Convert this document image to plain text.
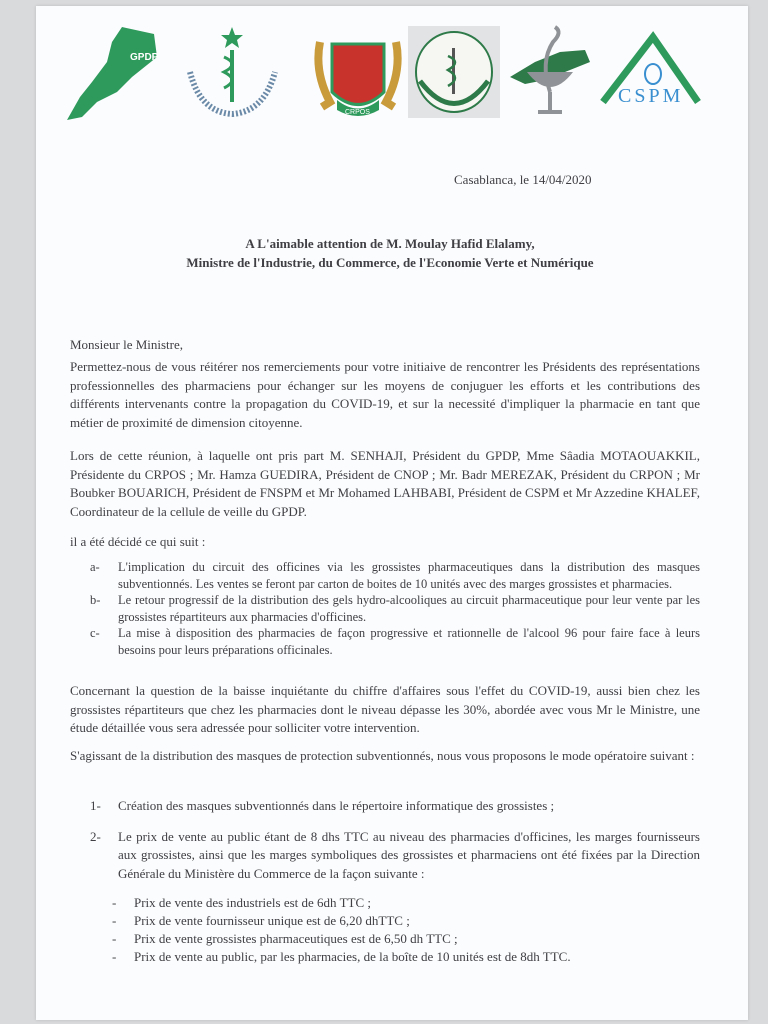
GPDP
CRPOS
CSPM
Casablanca, le 14/04/2020
A L'aimable attention de M. Moulay Hafid Elalamy,
Ministre de l'Industrie, du Commerce, de l'Economie Verte et Numérique
Monsieur le Ministre,
Permettez-nous de vous réitérer nos remerciements pour votre initiaive de rencontrer les Présidents des représentations professionnelles des pharmaciens pour échanger sur les moyens de conjuguer les efforts et les contributions des différents intervenants contre la propagation du COVID-19, et sur la necessité d'impliquer la pharmacie en tant que métier de proximité de dimension citoyenne.
Lors de cette réunion, à laquelle ont pris part M. SENHAJI, Président du GPDP, Mme Sâadia MOTAOUAKKIL, Présidente du CRPOS ; Mr. Hamza GUEDIRA, Président de CNOP ; Mr. Badr MEREZAK, Président du CRPON ; Mr Boubker BOUARICH, Président de FNSPM et Mr Mohamed LAHBABI, Président de CSPM et Mr Azzedine KHALEF, Coordinateur de la cellule de veille du GPDP.
il a été décidé ce qui suit :
a- L'implication du circuit des officines via les grossistes pharmaceutiques dans la distribution des masques subventionnés. Les ventes se feront par carton de boites de 10 unités avec des marges grossistes et pharmacies.
b- Le retour progressif de la distribution des gels hydro-alcooliques au circuit pharmaceutique pour leur vente par les grossistes répartiteurs aux pharmacies d'officines.
c- La mise à disposition des pharmacies de façon progressive et rationnelle de l'alcool 96 pour faire face à leurs besoins pour leurs préparations officinales.
Concernant la question de la baisse inquiétante du chiffre d'affaires sous l'effet du COVID-19, aussi bien chez les grossistes répartiteurs que chez les pharmacies dont le niveau dépasse les 30%, abordée avec vous Mr le Ministre, une étude détaillée vous sera adressée pour solliciter votre intervention.
S'agissant de la distribution des masques de protection subventionnés, nous vous proposons le mode opératoire suivant :
1- Création des masques subventionnés dans le répertoire informatique des grossistes ;
2- Le prix de vente au public étant de 8 dhs TTC au niveau des pharmacies d'officines, les marges fournisseurs aux grossistes, ainsi que les marges symboliques des grossistes et pharmaciens ont été fixées par la Direction Générale du Ministère du Commerce de la façon suivante :
- Prix de vente des industriels est de 6dh TTC ;
- Prix de vente fournisseur unique est de 6,20 dhTTC ;
- Prix de vente grossistes pharmaceutiques est de 6,50 dh TTC ;
- Prix de vente au public, par les pharmacies, de la boîte de 10 unités est de 8dh TTC.
